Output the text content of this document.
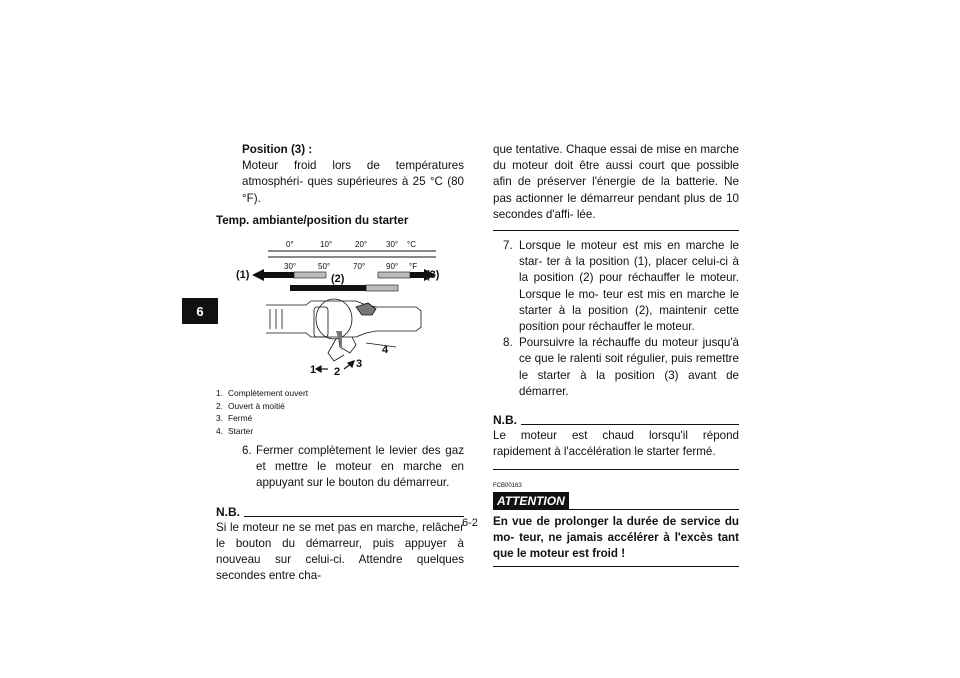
6
Position (3) :
Moteur froid lors de températures atmosphéri- ques supérieures à 25 °C (80 °F).
Temp. ambiante/position du starter
0°	10°	20° 30° °C
30°	50°	70°	90° °F
(1)	(2)	(3)
1 2
3
4
1. Complètement ouvert
2. Ouvert à moitié
3. Fermé
4. Starter
6. Fermer complètement le levier des gaz et mettre le moteur en marche en appuyant sur le bouton du démarreur.
N.B.
Si le moteur ne se met pas en marche, relâcher le bouton du démarreur, puis appuyer à nouveau sur celui-ci. Attendre quelques secondes entre cha-
que tentative. Chaque essai de mise en marche du moteur doit être aussi court que possible afin de préserver l'énergie de la batterie. Ne pas actionner le démarreur pendant plus de 10 secondes d'affi- lée.
7. Lorsque le moteur est mis en marche le star- ter à la position (1), placer celui-ci à la position (2) pour réchauffer le moteur. Lorsque le mo- teur est mis en marche le starter à la position (2), maintenir cette position pour réchauffer le moteur.
8. Poursuivre la réchauffe du moteur jusqu'à ce que le ralenti soit régulier, puis remettre le starter à la position (3) avant de démarrer.
N.B.
Le moteur est chaud lorsqu'il répond rapidement à l'accélération le starter fermé.
FCB00163
ATTENTION
En vue de prolonger la durée de service du mo- teur, ne jamais accélérer à l'excès tant que le moteur est froid !
6-2
